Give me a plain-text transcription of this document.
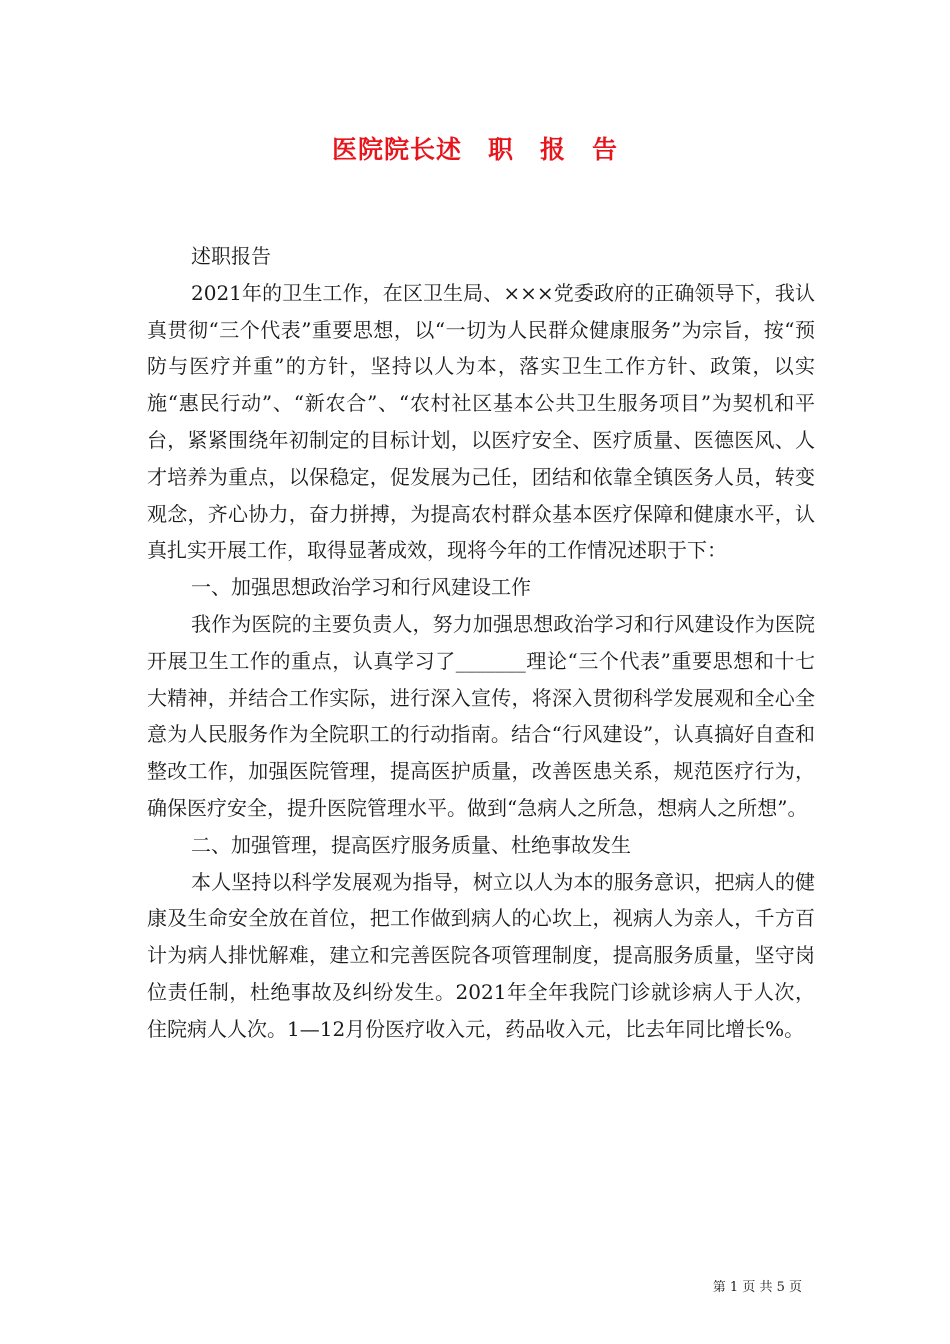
医院院长述　职　报　告

述职报告

2021年的卫生工作，在区卫生局、×××党委政府的正确领导下，我认真贯彻“三个代表”重要思想，以“一切为人民群众健康服务”为宗旨，按“预防与医疗并重”的方针，坚持以人为本，落实卫生工作方针、政策，以实施“惠民行动”、“新农合”、“农村社区基本公共卫生服务项目”为契机和平台，紧紧围绕年初制定的目标计划，以医疗安全、医疗质量、医德医风、人才培养为重点，以保稳定，促发展为己任，团结和依靠全镇医务人员，转变观念，齐心协力，奋力拼搏，为提高农村群众基本医疗保障和健康水平，认真扎实开展工作，取得显著成效，现将今年的工作情况述职于下：

一、加强思想政治学习和行风建设工作

我作为医院的主要负责人，努力加强思想政治学习和行风建设作为医院开展卫生工作的重点，认真学习了_______理论“三个代表”重要思想和十七大精神，并结合工作实际，进行深入宣传，将深入贯彻科学发展观和全心全意为人民服务作为全院职工的行动指南。结合“行风建设”，认真搞好自查和整改工作，加强医院管理，提高医护质量，改善医患关系，规范医疗行为，确保医疗安全，提升医院管理水平。做到“急病人之所急，想病人之所想”。

二、加强管理，提高医疗服务质量、杜绝事故发生

本人坚持以科学发展观为指导，树立以人为本的服务意识，把病人的健康及生命安全放在首位，把工作做到病人的心坎上，视病人为亲人，千方百计为病人排忧解难，建立和完善医院各项管理制度，提高服务质量，坚守岗位责任制，杜绝事故及纠纷发生。2021年全年我院门诊就诊病人于人次，住院病人人次。1—12月份医疗收入元，药品收入元，比去年同比增长%。

第 1 页 共 5 页
